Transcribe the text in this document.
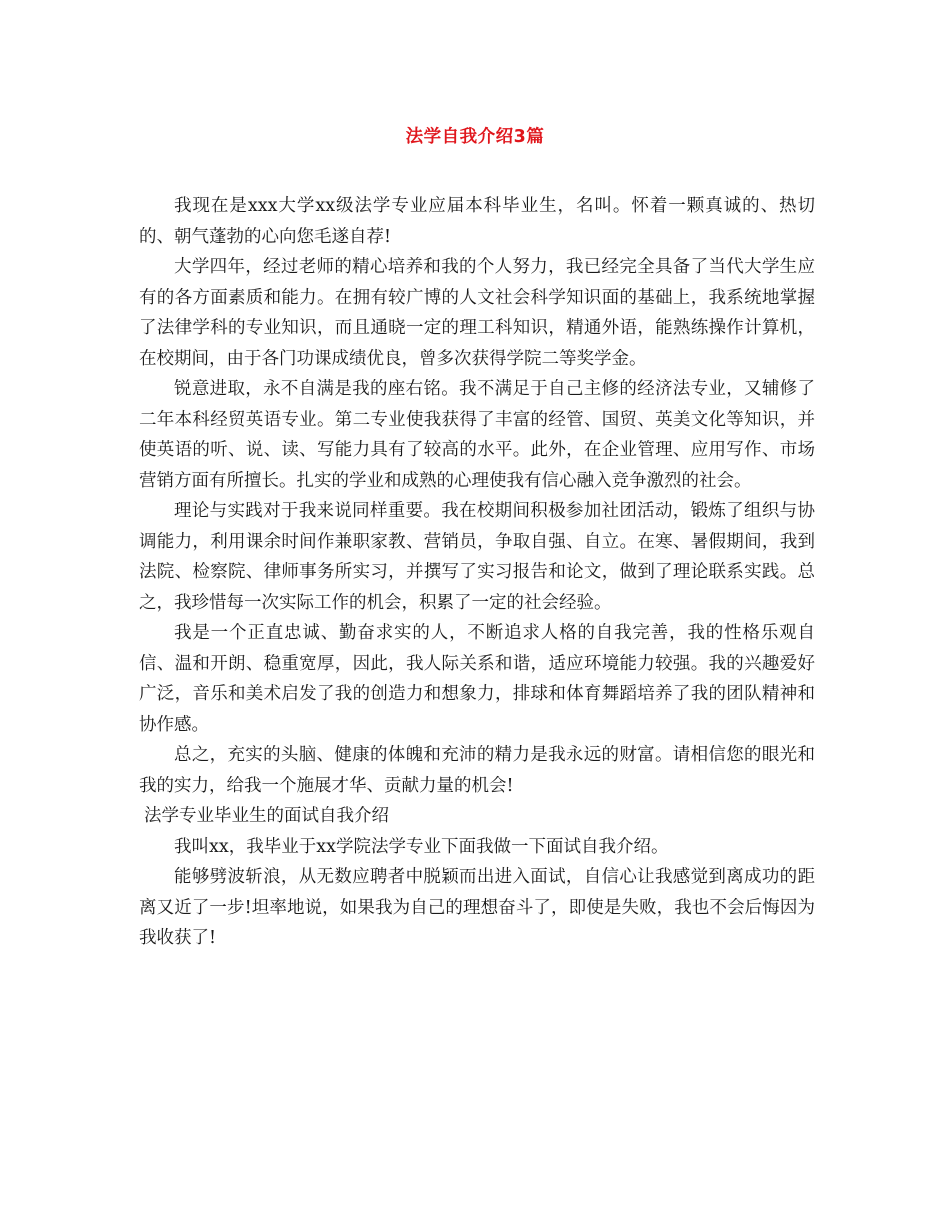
法学自我介绍3篇

我现在是xxx大学xx级法学专业应届本科毕业生，名叫。怀着一颗真诚的、热切的、朝气蓬勃的心向您毛遂自荐!

大学四年，经过老师的精心培养和我的个人努力，我已经完全具备了当代大学生应有的各方面素质和能力。在拥有较广博的人文社会科学知识面的基础上，我系统地掌握了法律学科的专业知识，而且通晓一定的理工科知识，精通外语，能熟练操作计算机，在校期间，由于各门功课成绩优良，曾多次获得学院二等奖学金。

锐意进取，永不自满是我的座右铭。我不满足于自己主修的经济法专业，又辅修了二年本科经贸英语专业。第二专业使我获得了丰富的经管、国贸、英美文化等知识，并使英语的听、说、读、写能力具有了较高的水平。此外，在企业管理、应用写作、市场营销方面有所擅长。扎实的学业和成熟的心理使我有信心融入竞争激烈的社会。

理论与实践对于我来说同样重要。我在校期间积极参加社团活动，锻炼了组织与协调能力，利用课余时间作兼职家教、营销员，争取自强、自立。在寒、暑假期间，我到法院、检察院、律师事务所实习，并撰写了实习报告和论文，做到了理论联系实践。总之，我珍惜每一次实际工作的机会，积累了一定的社会经验。

我是一个正直忠诚、勤奋求实的人，不断追求人格的自我完善，我的性格乐观自信、温和开朗、稳重宽厚，因此，我人际关系和谐，适应环境能力较强。我的兴趣爱好广泛，音乐和美术启发了我的创造力和想象力，排球和体育舞蹈培养了我的团队精神和协作感。

总之，充实的头脑、健康的体魄和充沛的精力是我永远的财富。请相信您的眼光和我的实力，给我一个施展才华、贡献力量的机会!

法学专业毕业生的面试自我介绍

我叫xx，我毕业于xx学院法学专业下面我做一下面试自我介绍。

能够劈波斩浪，从无数应聘者中脱颖而出进入面试，自信心让我感觉到离成功的距离又近了一步!坦率地说，如果我为自己的理想奋斗了，即使是失败，我也不会后悔因为我收获了!
